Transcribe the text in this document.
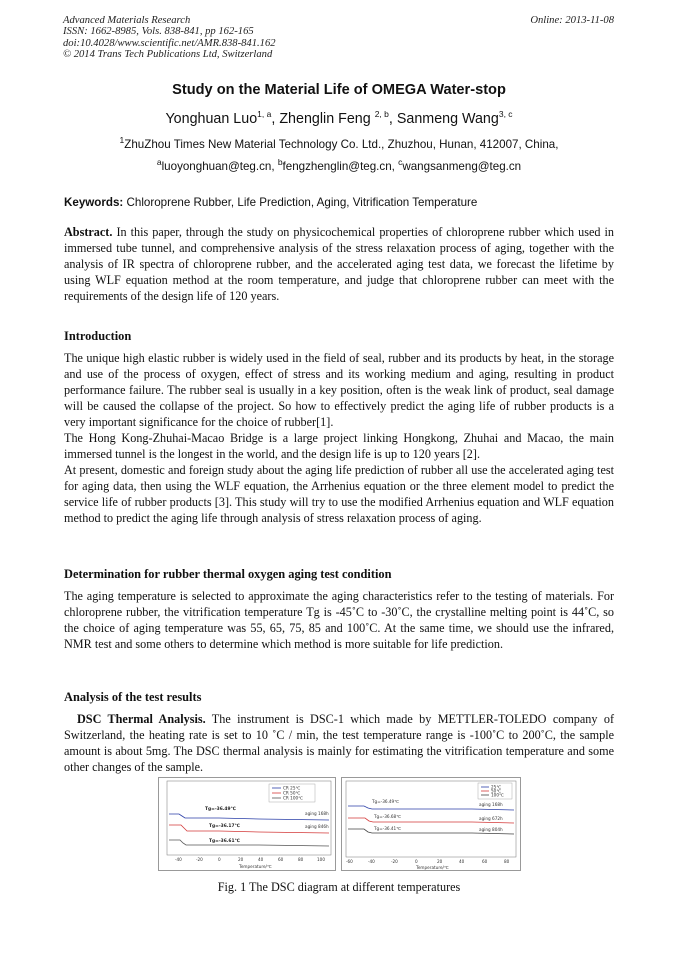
Advanced Materials Research
ISSN: 1662-8985, Vols. 838-841, pp 162-165
doi:10.4028/www.scientific.net/AMR.838-841.162
© 2014 Trans Tech Publications Ltd, Switzerland
Online: 2013-11-08
Study on the Material Life of OMEGA Water-stop
Yonghuan Luo$^{1, a}$, Zhenglin Feng $^{2, b}$, Sanmeng Wang$^{3, c}$
$^1$ZhuZhou Times New Material Technology Co. Ltd., Zhuzhou, Hunan, 412007, China,
$^a$luoyonghuan@teg.cn, $^b$fengzhenglin@teg.cn, $^c$wangsanmeng@teg.cn
Keywords: Chloroprene Rubber, Life Prediction, Aging, Vitrification Temperature
Abstract. In this paper, through the study on physicochemical properties of chloroprene rubber which used in immersed tube tunnel, and comprehensive analysis of the stress relaxation process of aging, together with the analysis of IR spectra of chloroprene rubber, and the accelerated aging test data, we forecast the lifetime by using WLF equation method at the room temperature, and judge that chloroprene rubber can meet with the requirements of the design life of 120 years.
Introduction
The unique high elastic rubber is widely used in the field of seal, rubber and its products by heat, in the storage and use of the process of oxygen, effect of stress and its working medium and aging, resulting in product performance failure. The rubber seal is usually in a key position, often is the weak link of product, seal damage will be caused the collapse of the project. So how to effectively predict the aging life of rubber products is a very important significance for the choice of rubber[1].
The Hong Kong-Zhuhai-Macao Bridge is a large project linking Hongkong, Zhuhai and Macao, the main immersed tunnel is the longest in the world, and the design life is up to 120 years [2].
At present, domestic and foreign study about the aging life prediction of rubber all use the accelerated aging test for aging data, then using the WLF equation, the Arrhenius equation or the three element model to predict the service life of rubber products [3]. This study will try to use the modified Arrhenius equation and WLF equation method to predict the aging life through analysis of stress relaxation process of aging.
Determination for rubber thermal oxygen aging test condition
The aging temperature is selected to approximate the aging characteristics refer to the testing of materials. For chloroprene rubber, the vitrification temperature Tg is -45˚C to -30˚C, the crystalline melting point is 44˚C, so the choice of aging temperature was 55, 65, 75, 85 and 100˚C. At the same time, we should use the infrared, NMR test and some others to determine which method is more suitable for life prediction.
Analysis of the test results
DSC Thermal Analysis. The instrument is DSC-1 which made by METTLER-TOLEDO company of Switzerland, the heating rate is set to 10 ˚C / min, the test temperature range is -100˚C to 200˚C, the sample amount is about 5mg. The DSC thermal analysis is mainly for estimating the vitrification temperature and some other changes of the sample.
CR 25℃
CR 50℃
CR 100℃
Tg=-36.49℃
Tg=-36.17℃
Tg=-36.61℃
aging 168h
aging 846h
-40	-20	0	20	40	60	80	100
Temperature/℃
25℃
50℃
100℃
Tg=-36.49℃
Tg=-36.68℃
Tg=-36.41℃
aging 168h
aging 672h
aging 804h
-60	-40	-20	0	20	40	60	80
Temperature/℃
Fig. 1 The DSC diagram at different temperatures
